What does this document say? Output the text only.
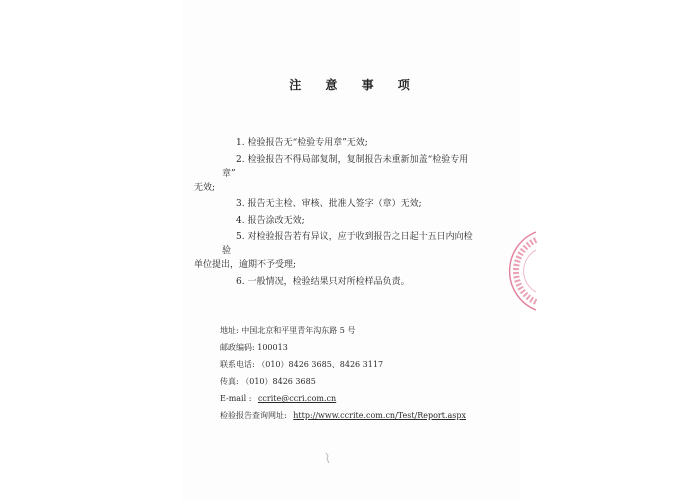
注 意 事 项
1. 检验报告无“检验专用章”无效;
2. 检验报告不得局部复制，复制报告未重新加盖“检验专用章”
无效;
3. 报告无主检、审核、批准人签字（章）无效;
4. 报告涂改无效;
5. 对检验报告若有异议，应于收到报告之日起十五日内向检验
单位提出，逾期不予受理;
6. 一般情况，检验结果只对所检样品负责。
地址: 中国北京和平里青年沟东路 5 号
邮政编码: 100013
联系电话: （010）8426 3685、8426 3117
传真: （010）8426 3685
E-mail : ccrite@ccri.com.cn
检验报告查询网址: http://www.ccrite.com.cn/Test/Report.aspx
